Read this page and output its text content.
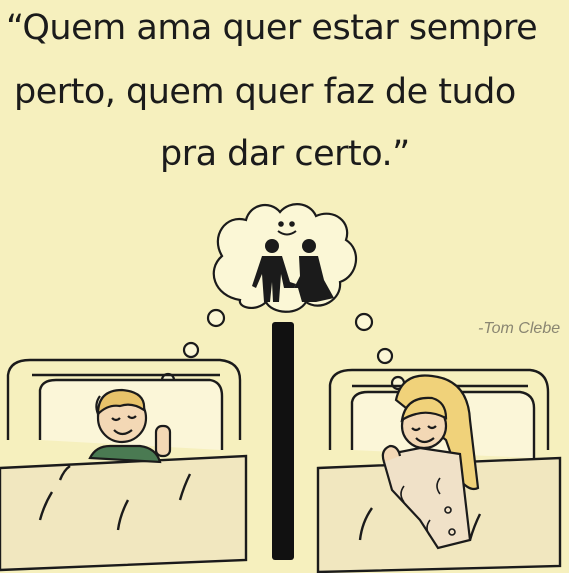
“Quem ama quer estar sempre
perto, quem quer faz de tudo
pra dar certo.”
-Tom Clebe
